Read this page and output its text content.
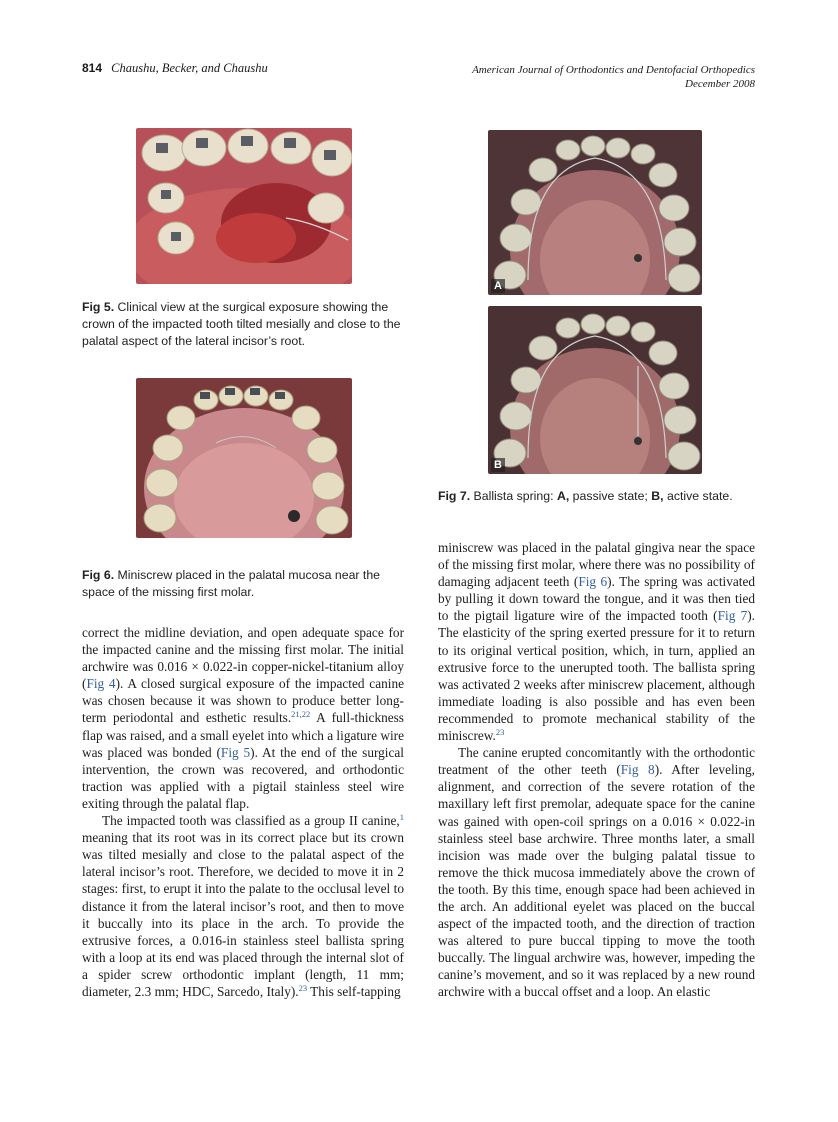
814 Chaushu, Becker, and Chaushu	American Journal of Orthodontics and Dentofacial Orthopedics
December 2008
Fig 5. Clinical view at the surgical exposure showing the crown of the impacted tooth tilted mesially and close to the palatal aspect of the lateral incisor’s root.
Fig 6. Miniscrew placed in the palatal mucosa near the space of the missing first molar.
A
B
Fig 7. Ballista spring: A, passive state; B, active state.

correct the midline deviation, and open adequate space for the impacted canine and the missing first molar. The initial archwire was 0.016 × 0.022-in copper-nickel-titanium alloy (Fig 4). A closed surgical exposure of the impacted canine was chosen because it was shown to produce better long-term periodontal and esthetic results.$^{21,22}$ A full-thickness flap was raised, and a small eyelet into which a ligature wire was placed was bonded (Fig 5). At the end of the surgical intervention, the crown was recovered, and orthodontic traction was applied with a pigtail stainless steel wire exiting through the palatal flap.

The impacted tooth was classified as a group II canine,$^1$ meaning that its root was in its correct place but its crown was tilted mesially and close to the palatal aspect of the lateral incisor’s root. Therefore, we decided to move it in 2 stages: first, to erupt it into the palate to the occlusal level to distance it from the lateral incisor’s root, and then to move it buccally into its place in the arch. To provide the extrusive forces, a 0.016-in stainless steel ballista spring with a loop at its end was placed through the internal slot of a spider screw orthodontic implant (length, 11 mm; diameter, 2.3 mm; HDC, Sarcedo, Italy).$^{23}$ This self-tapping

miniscrew was placed in the palatal gingiva near the space of the missing first molar, where there was no possibility of damaging adjacent teeth (Fig 6). The spring was activated by pulling it down toward the tongue, and it was then tied to the pigtail ligature wire of the impacted tooth (Fig 7). The elasticity of the spring exerted pressure for it to return to its original vertical position, which, in turn, applied an extrusive force to the unerupted tooth. The ballista spring was activated 2 weeks after miniscrew placement, although immediate loading is also possible and has even been recommended to promote mechanical stability of the miniscrew.$^{23}$

The canine erupted concomitantly with the orthodontic treatment of the other teeth (Fig 8). After leveling, alignment, and correction of the severe rotation of the maxillary left first premolar, adequate space for the canine was gained with open-coil springs on a 0.016 × 0.022-in stainless steel base archwire. Three months later, a small incision was made over the bulging palatal tissue to remove the thick mucosa immediately above the crown of the tooth. By this time, enough space had been achieved in the arch. An additional eyelet was placed on the buccal aspect of the impacted tooth, and the direction of traction was altered to pure buccal tipping to move the tooth buccally. The lingual archwire was, however, impeding the canine’s movement, and so it was replaced by a new round archwire with a buccal offset and a loop. An elastic
